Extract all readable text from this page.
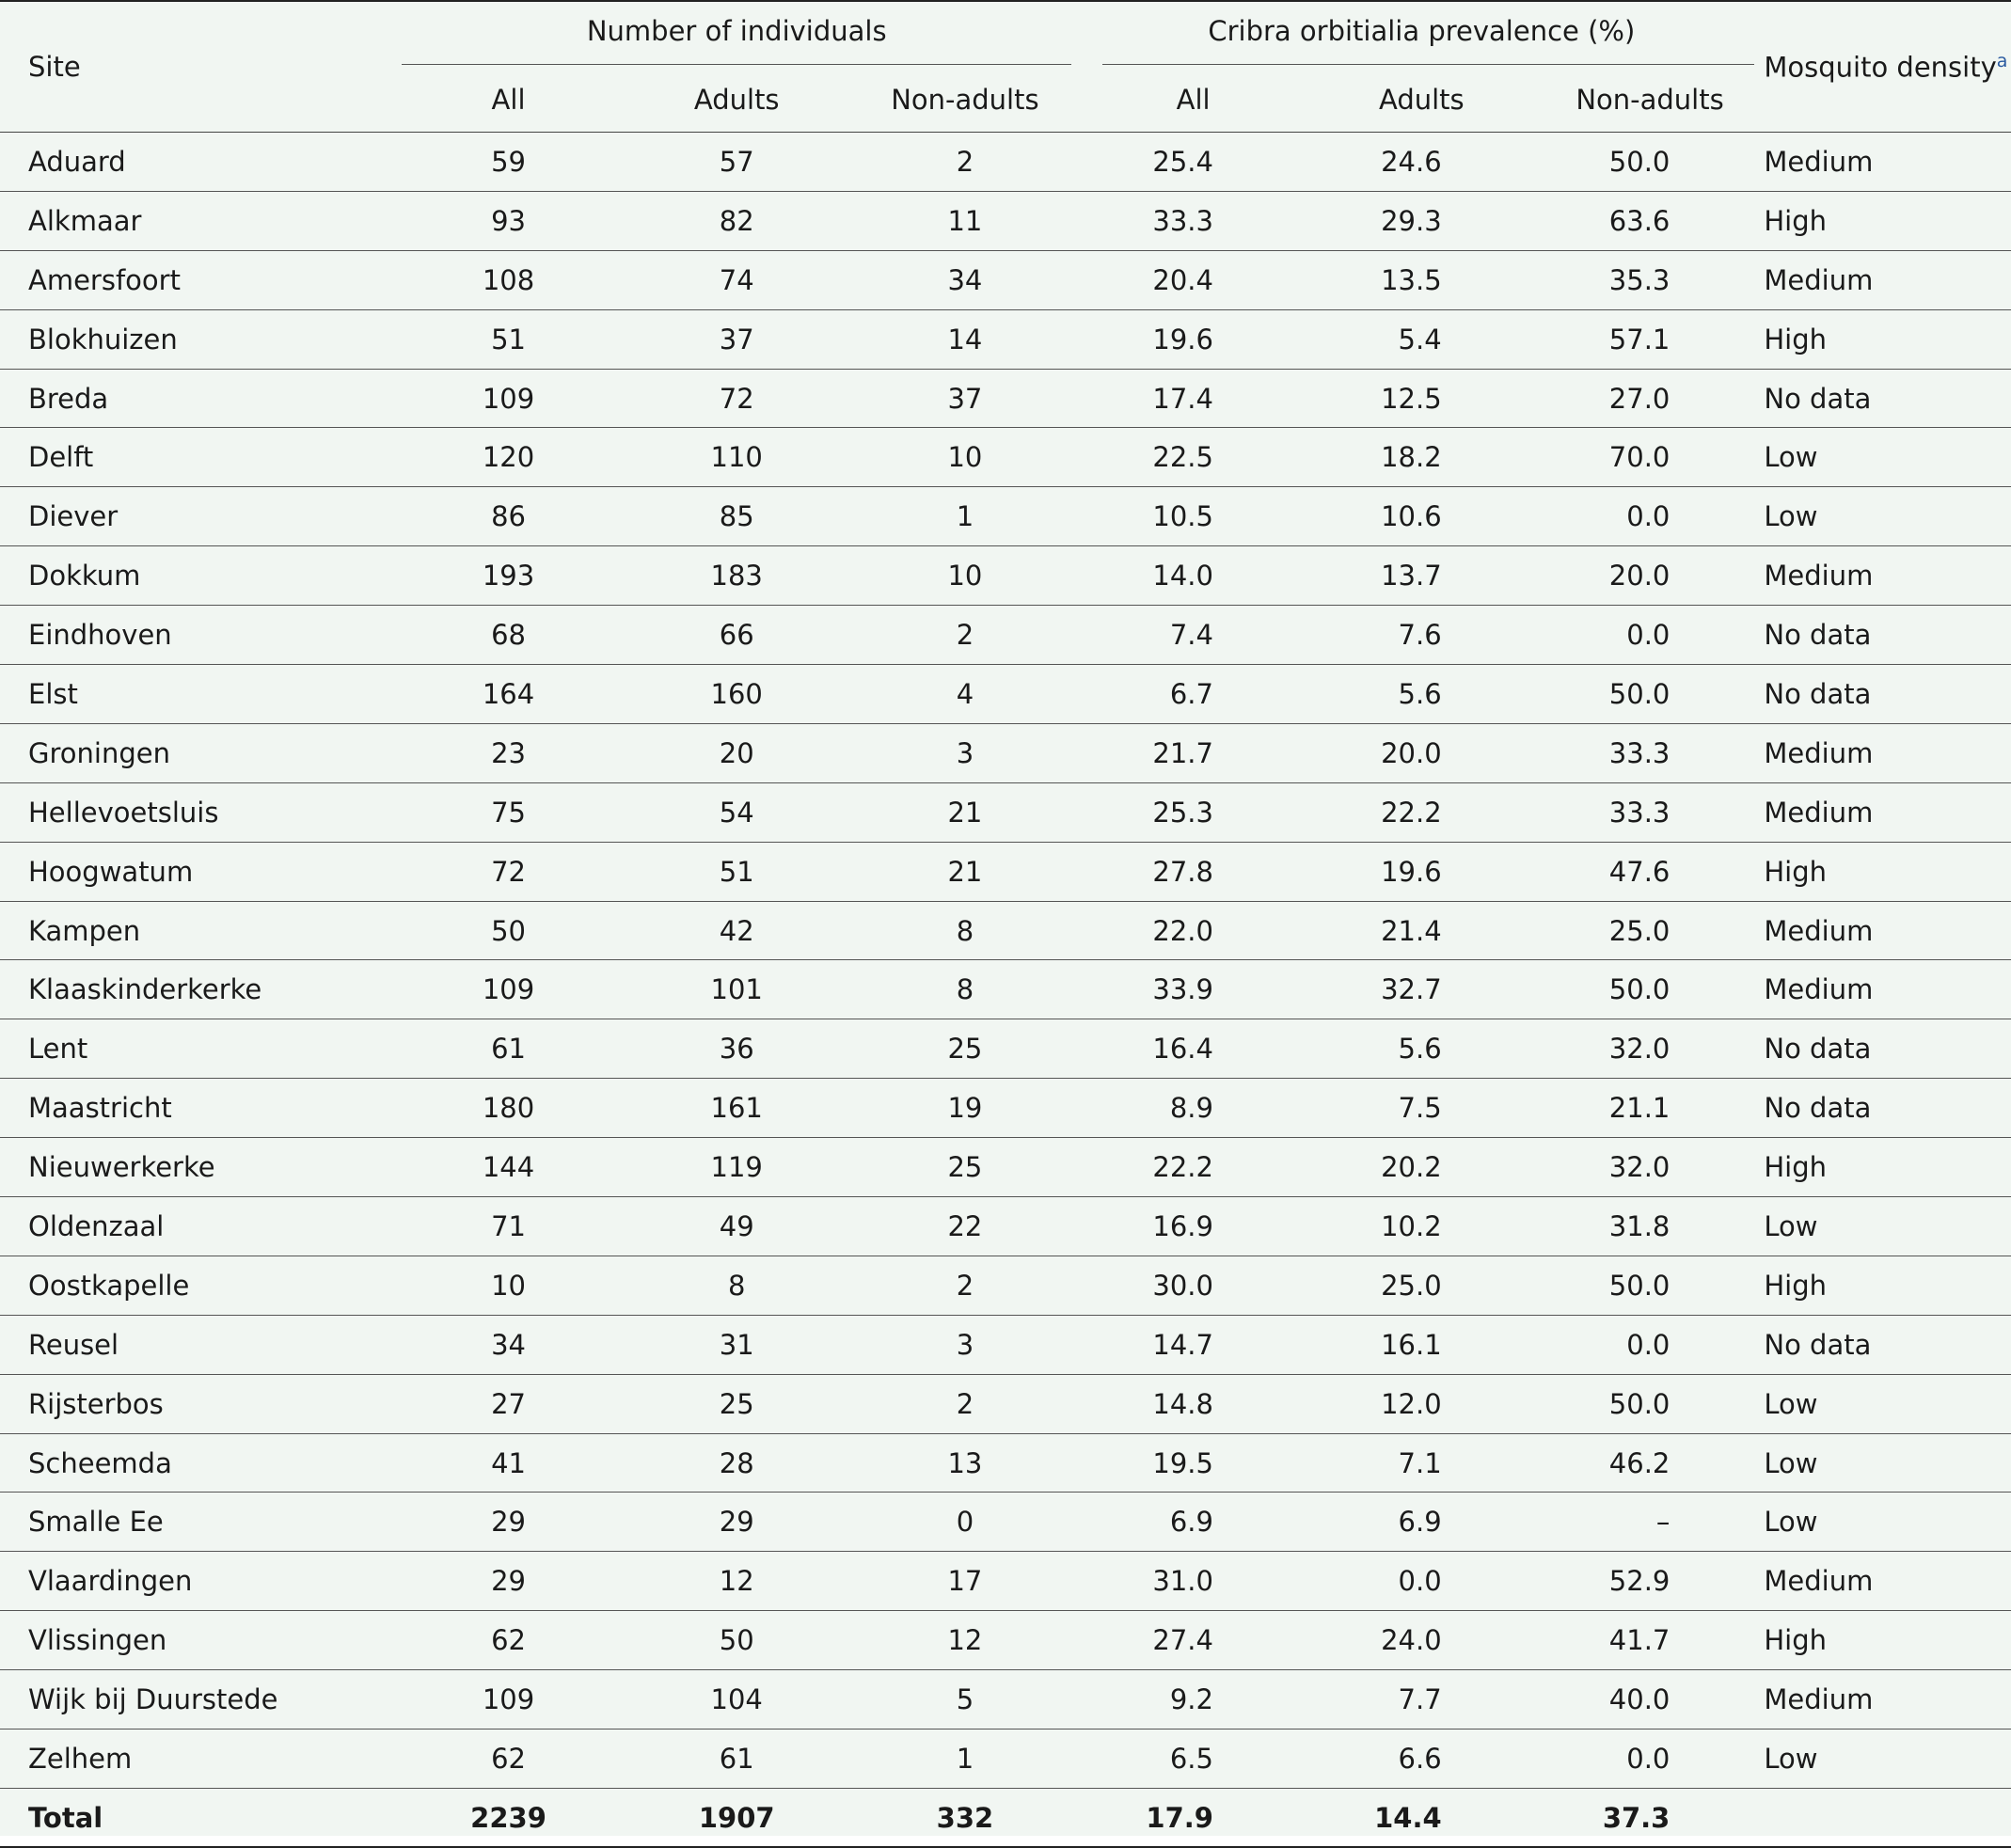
Site	Number of individuals			Cribra orbitialia prevalence (%)			Mosquito density$^a$
	All	Adults	Non-adults	All	Adults	Non-adults	
Aduard	59	57	2	25.4	24.6	50.0	Medium
Alkmaar	93	82	11	33.3	29.3	63.6	High
Amersfoort	108	74	34	20.4	13.5	35.3	Medium
Blokhuizen	51	37	14	19.6	5.4	57.1	High
Breda	109	72	37	17.4	12.5	27.0	No data
Delft	120	110	10	22.5	18.2	70.0	Low
Diever	86	85	1	10.5	10.6	0.0	Low
Dokkum	193	183	10	14.0	13.7	20.0	Medium
Eindhoven	68	66	2	7.4	7.6	0.0	No data
Elst	164	160	4	6.7	5.6	50.0	No data
Groningen	23	20	3	21.7	20.0	33.3	Medium
Hellevoetsluis	75	54	21	25.3	22.2	33.3	Medium
Hoogwatum	72	51	21	27.8	19.6	47.6	High
Kampen	50	42	8	22.0	21.4	25.0	Medium
Klaaskinderkerke	109	101	8	33.9	32.7	50.0	Medium
Lent	61	36	25	16.4	5.6	32.0	No data
Maastricht	180	161	19	8.9	7.5	21.1	No data
Nieuwerkerke	144	119	25	22.2	20.2	32.0	High
Oldenzaal	71	49	22	16.9	10.2	31.8	Low
Oostkapelle	10	8	2	30.0	25.0	50.0	High
Reusel	34	31	3	14.7	16.1	0.0	No data
Rijsterbos	27	25	2	14.8	12.0	50.0	Low
Scheemda	41	28	13	19.5	7.1	46.2	Low
Smalle Ee	29	29	0	6.9	6.9	–	Low
Vlaardingen	29	12	17	31.0	0.0	52.9	Medium
Vlissingen	62	50	12	27.4	24.0	41.7	High
Wijk bij Duurstede	109	104	5	9.2	7.7	40.0	Medium
Zelhem	62	61	1	6.5	6.6	0.0	Low
Total	2239	1907	332	17.9	14.4	37.3	
